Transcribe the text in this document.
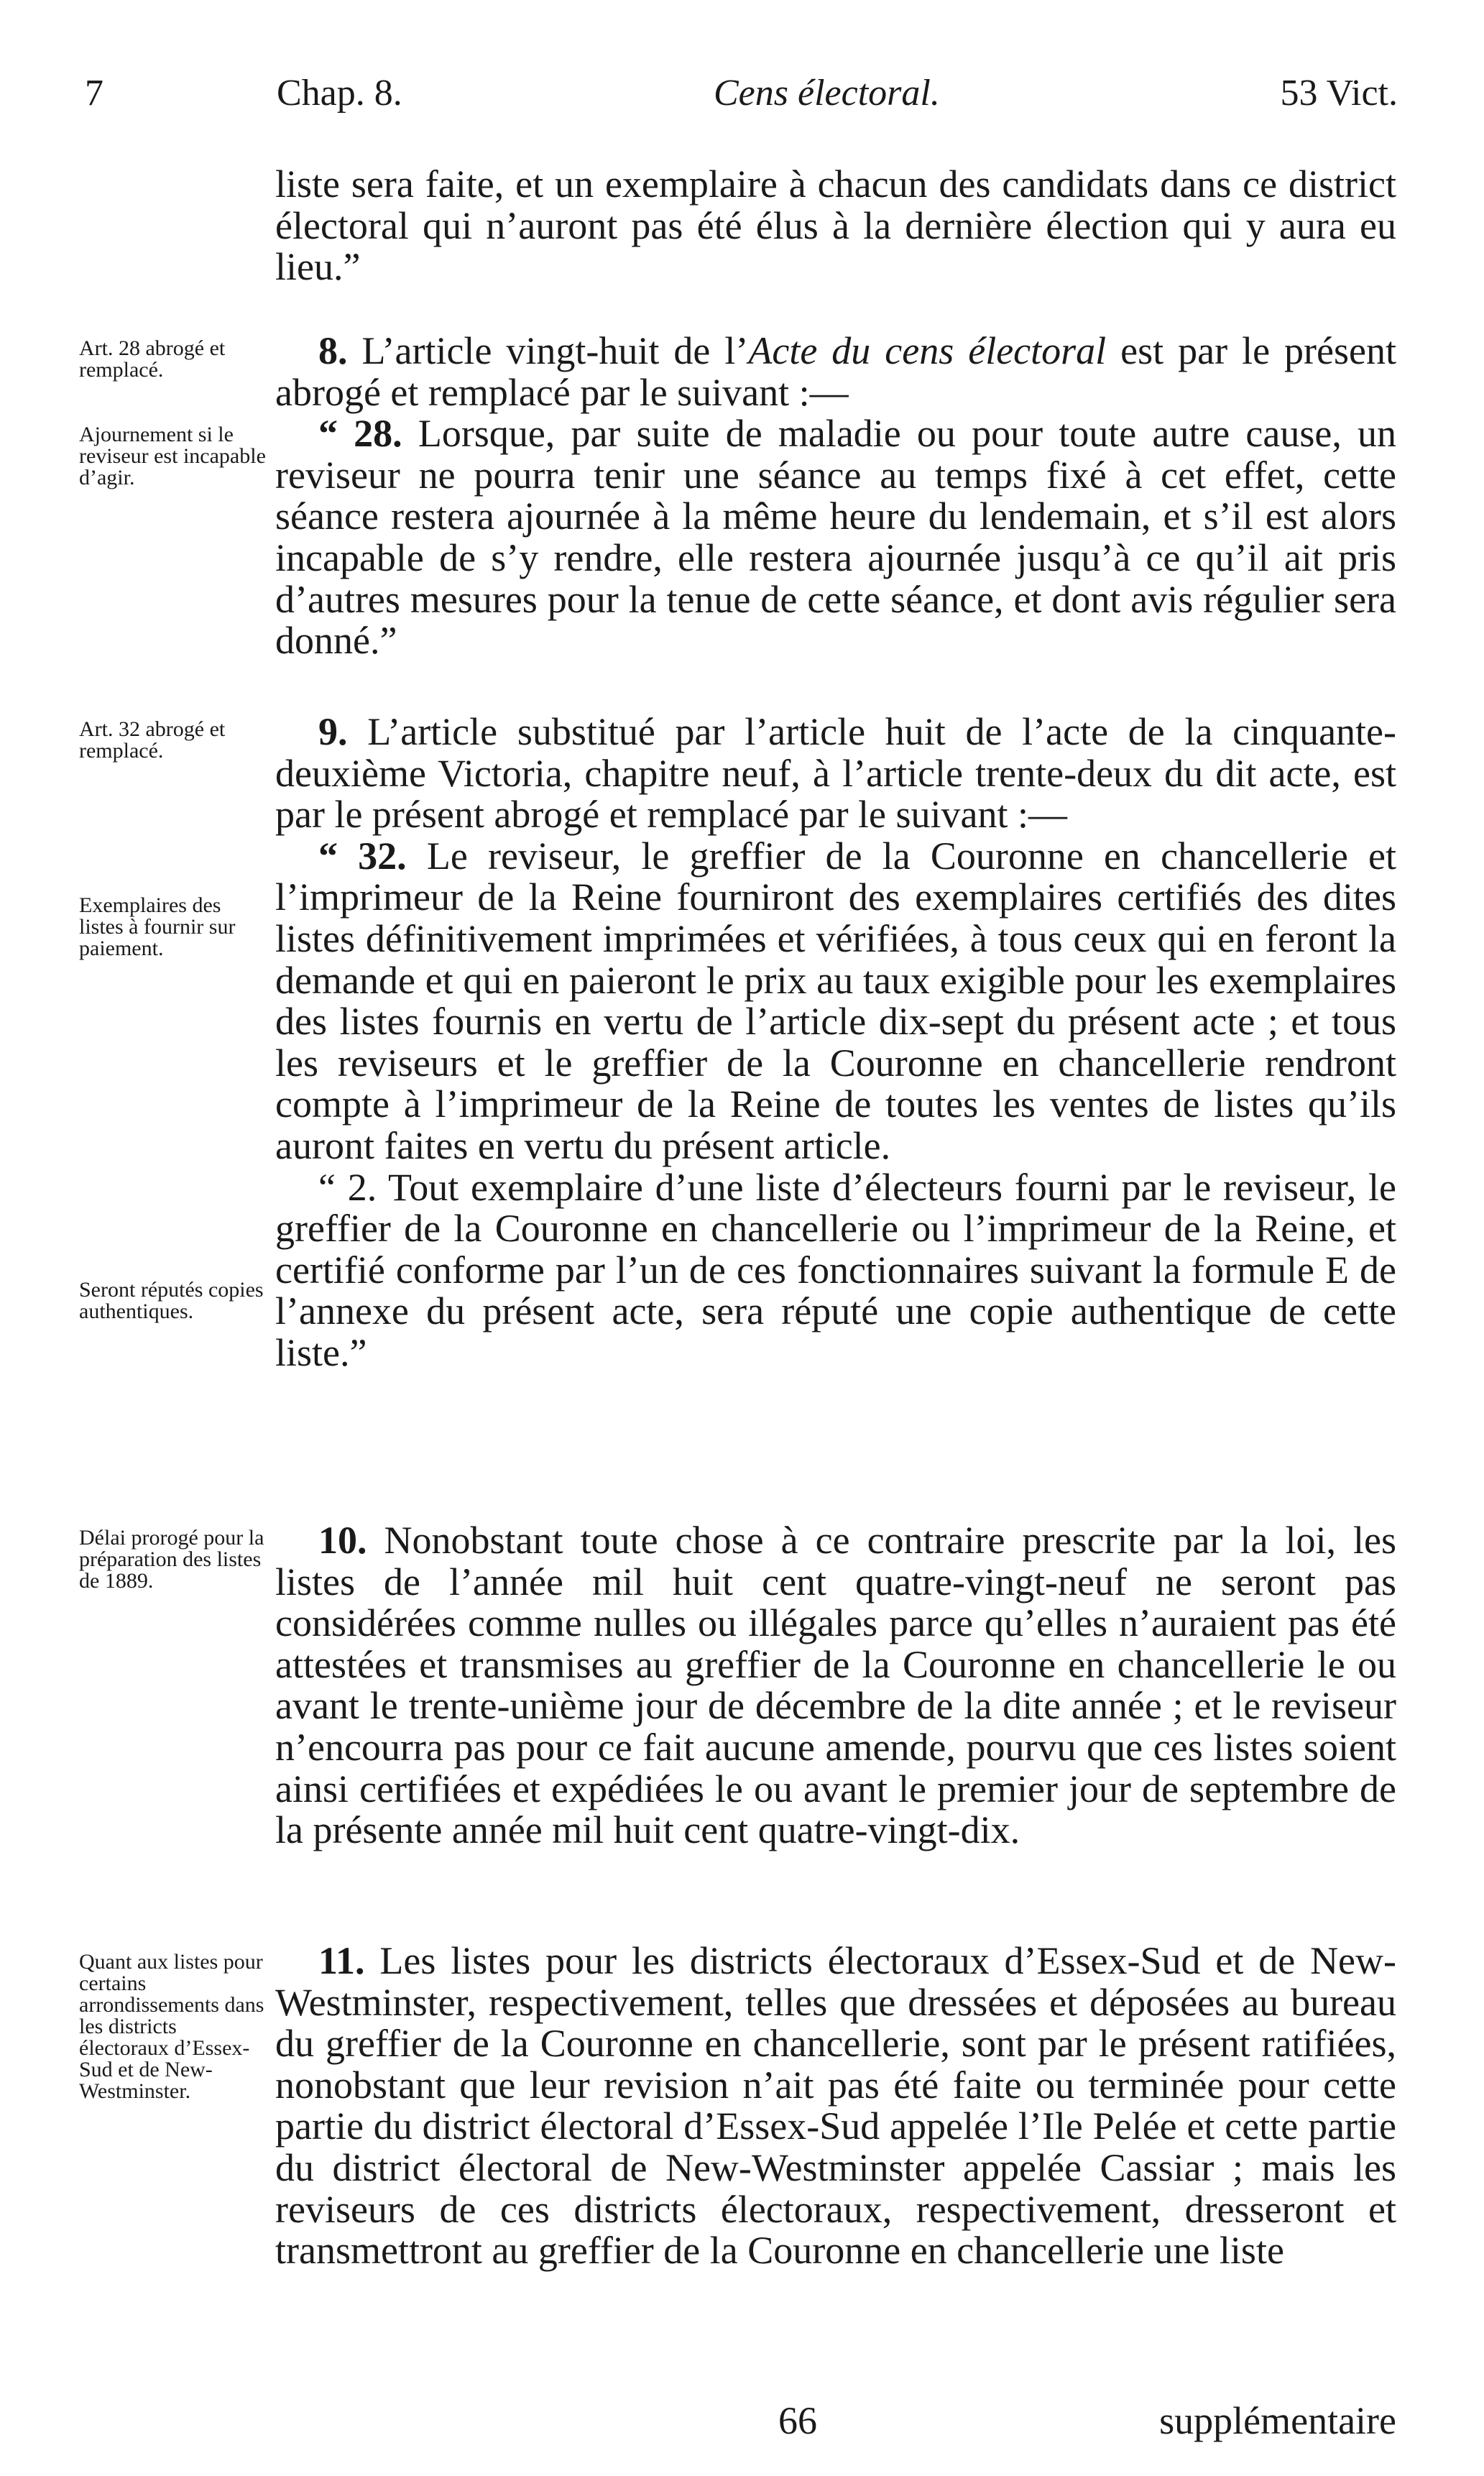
7	Chap. 8.	Cens électoral.	53 Vict.
Art. 28 abrogé et remplacé.
Ajournement si le reviseur est incapable d’agir.
Art. 32 abrogé et remplacé.
Exemplaires des listes à fournir sur paiement.
Seront réputés copies authentiques.
Délai prorogé pour la préparation des listes de 1889.
Quant aux listes pour certains arrondissements dans les districts électoraux d’Essex-Sud et de New-Westminster.

liste sera faite, et un exemplaire à chacun des candidats dans ce district électoral qui n’auront pas été élus à la dernière élection qui y aura eu lieu.”

8. L’article vingt-huit de l’Acte du cens électoral est par le présent abrogé et remplacé par le suivant :—

“ 28. Lorsque, par suite de maladie ou pour toute autre cause, un reviseur ne pourra tenir une séance au temps fixé à cet effet, cette séance restera ajournée à la même heure du lendemain, et s’il est alors incapable de s’y rendre, elle restera ajournée jusqu’à ce qu’il ait pris d’autres mesures pour la tenue de cette séance, et dont avis régulier sera donné.”

9. L’article substitué par l’article huit de l’acte de la cinquante-deuxième Victoria, chapitre neuf, à l’article trente-deux du dit acte, est par le présent abrogé et remplacé par le suivant :—

“ 32. Le reviseur, le greffier de la Couronne en chancellerie et l’imprimeur de la Reine fourniront des exemplaires certifiés des dites listes définitivement imprimées et vérifiées, à tous ceux qui en feront la demande et qui en paieront le prix au taux exigible pour les exemplaires des listes fournis en vertu de l’article dix-sept du présent acte ; et tous les reviseurs et le greffier de la Couronne en chancellerie rendront compte à l’imprimeur de la Reine de toutes les ventes de listes qu’ils auront faites en vertu du présent article.

“ 2. Tout exemplaire d’une liste d’électeurs fourni par le reviseur, le greffier de la Couronne en chancellerie ou l’imprimeur de la Reine, et certifié conforme par l’un de ces fonctionnaires suivant la formule E de l’annexe du présent acte, sera réputé une copie authentique de cette liste.”

10. Nonobstant toute chose à ce contraire prescrite par la loi, les listes de l’année mil huit cent quatre-vingt-neuf ne seront pas considérées comme nulles ou illégales parce qu’elles n’auraient pas été attestées et transmises au greffier de la Couronne en chancellerie le ou avant le trente-unième jour de décembre de la dite année ; et le reviseur n’encourra pas pour ce fait aucune amende, pourvu que ces listes soient ainsi certifiées et expédiées le ou avant le premier jour de septembre de la présente année mil huit cent quatre-vingt-dix.

11. Les listes pour les districts électoraux d’Essex-Sud et de New-Westminster, respectivement, telles que dressées et déposées au bureau du greffier de la Couronne en chancellerie, sont par le présent ratifiées, nonobstant que leur revision n’ait pas été faite ou terminée pour cette partie du district électoral d’Essex-Sud appelée l’Ile Pelée et cette partie du district électoral de New-Westminster appelée Cassiar ; mais les reviseurs de ces districts électoraux, respectivement, dresseront et transmettront au greffier de la Couronne en chancellerie une liste

66	supplémentaire
